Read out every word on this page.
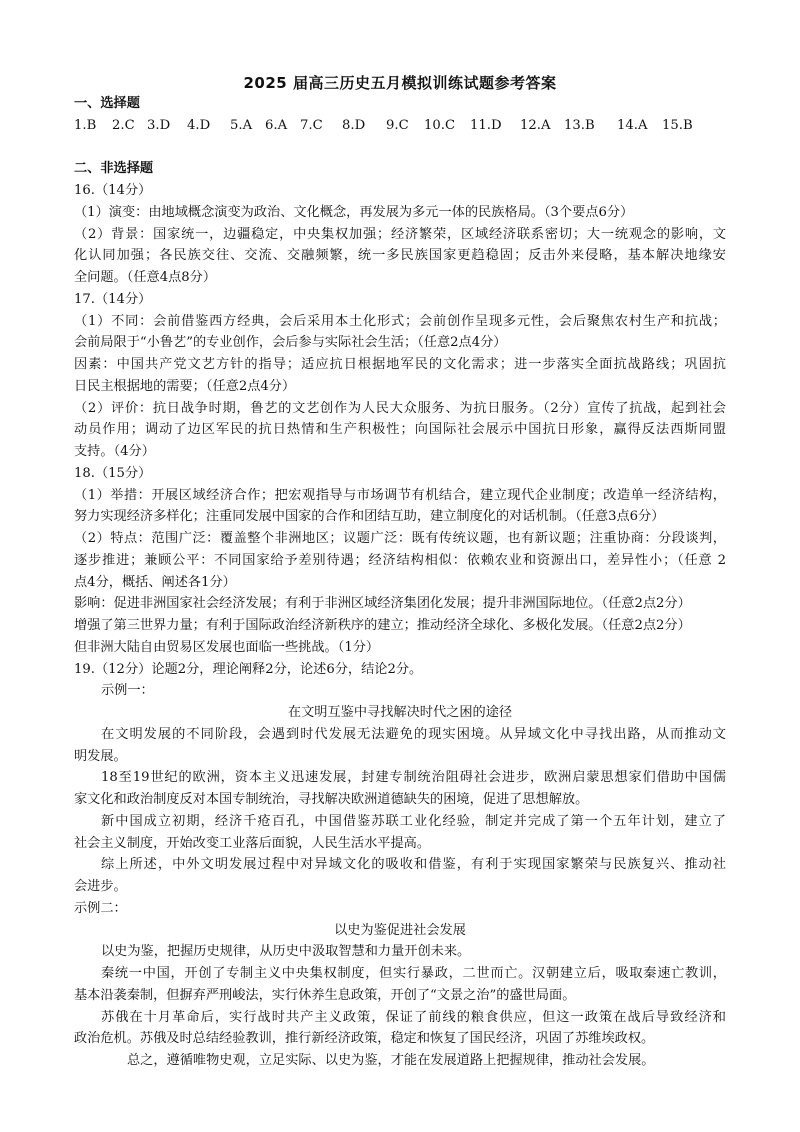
2025 届高三历史五月模拟训练试题参考答案
一、选择题
1.B 2.C 3.D 4.D 5.A 6.A 7.C 8.D 9.C 10.C 11.D 12.A 13.B 14.A 15.B
二、非选择题
16.（14分）
（1）演变：由地域概念演变为政治、文化概念，再发展为多元一体的民族格局。（3个要点6分）
（2）背景：国家统一，边疆稳定，中央集权加强；经济繁荣，区域经济联系密切；大一统观念的影响，文
化认同加强；各民族交往、交流、交融频繁，统一多民族国家更趋稳固；反击外来侵略，基本解决地缘安
全问题。（任意4点8分）
17.（14分）
（1）不同：会前借鉴西方经典，会后采用本土化形式；会前创作呈现多元性，会后聚焦农村生产和抗战；
会前局限于“小鲁艺”的专业创作，会后参与实际社会生活；（任意2点4分）
因素：中国共产党文艺方针的指导；适应抗日根据地军民的文化需求；进一步落实全面抗战路线；巩固抗
日民主根据地的需要；（任意2点4分）
（2）评价：抗日战争时期，鲁艺的文艺创作为人民大众服务、为抗日服务。（2分）宣传了抗战，起到社会
动员作用；调动了边区军民的抗日热情和生产积极性；向国际社会展示中国抗日形象，赢得反法西斯同盟
支持。（4分）
18.（15分）
（1）举措：开展区域经济合作；把宏观指导与市场调节有机结合，建立现代企业制度；改造单一经济结构，
努力实现经济多样化；注重同发展中国家的合作和团结互助，建立制度化的对话机制。（任意3点6分）
（2）特点：范围广泛：覆盖整个非洲地区；议题广泛：既有传统议题，也有新议题；注重协商：分段谈判，
逐步推进；兼顾公平：不同国家给予差别待遇；经济结构相似：依赖农业和资源出口，差异性小；（任意 2
点4分，概括、阐述各1分）
影响：促进非洲国家社会经济发展；有利于非洲区域经济集团化发展；提升非洲国际地位。（任意2点2分）
增强了第三世界力量；有利于国际政治经济新秩序的建立；推动经济全球化、多极化发展。（任意2点2分）
但非洲大陆自由贸易区发展也面临一些挑战。（1分）
19.（12分）论题2分，理论阐释2分，论述6分，结论2分。
示例一：
在文明互鉴中寻找解决时代之困的途径
在文明发展的不同阶段，会遇到时代发展无法避免的现实困境。从异域文化中寻找出路，从而推动文
明发展。
18至19世纪的欧洲，资本主义迅速发展，封建专制统治阻碍社会进步，欧洲启蒙思想家们借助中国儒
家文化和政治制度反对本国专制统治，寻找解决欧洲道德缺失的困境，促进了思想解放。
新中国成立初期，经济千疮百孔，中国借鉴苏联工业化经验，制定并完成了第一个五年计划，建立了
社会主义制度，开始改变工业落后面貌，人民生活水平提高。
综上所述，中外文明发展过程中对异域文化的吸收和借鉴，有利于实现国家繁荣与民族复兴、推动社
会进步。
示例二：
以史为鉴促进社会发展
以史为鉴，把握历史规律，从历史中汲取智慧和力量开创未来。
秦统一中国，开创了专制主义中央集权制度，但实行暴政，二世而亡。汉朝建立后，吸取秦速亡教训，
基本沿袭秦制，但摒弃严刑峻法，实行休养生息政策，开创了“文景之治”的盛世局面。
苏俄在十月革命后，实行战时共产主义政策，保证了前线的粮食供应，但这一政策在战后导致经济和
政治危机。苏俄及时总结经验教训，推行新经济政策，稳定和恢复了国民经济，巩固了苏维埃政权。
总之，遵循唯物史观，立足实际、以史为鉴，才能在发展道路上把握规律，推动社会发展。
